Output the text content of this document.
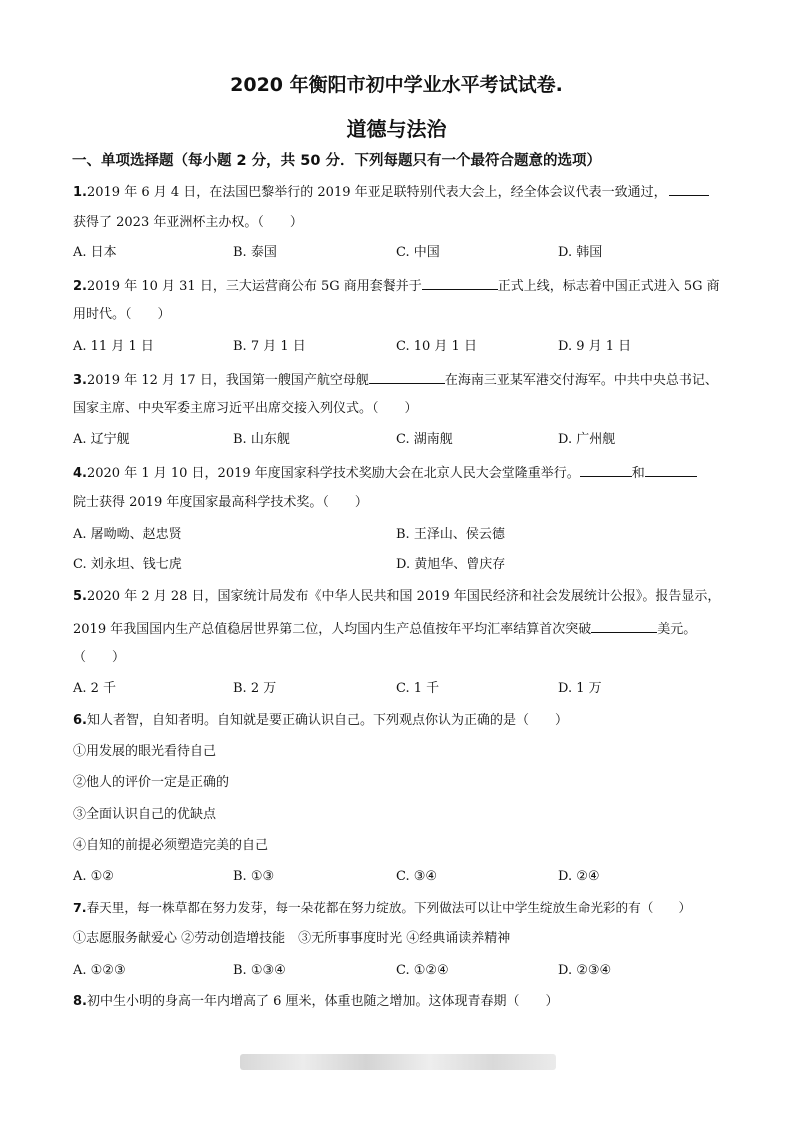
2020 年衡阳市初中学业水平考试试卷.
道德与法治
一、单项选择题（每小题 2 分，共 50 分．下列每题只有一个最符合题意的选项）
1.2019 年 6 月 4 日，在法国巴黎举行的 2019 年亚足联特别代表大会上，经全体会议代表一致通过，
获得了 2023 年亚洲杯主办权。（　　）
A. 日本	B. 泰国	C. 中国	D. 韩国
2.2019 年 10 月 31 日，三大运营商公布 5G 商用套餐并于	正式上线，标志着中国正式进入 5G 商
用时代。（　　）
A. 11 月 1 日	B. 7 月 1 日	C. 10 月 1 日	D. 9 月 1 日
3.2019 年 12 月 17 日，我国第一艘国产航空母舰	在海南三亚某军港交付海军。中共中央总书记、
国家主席、中央军委主席习近平出席交接入列仪式。（　　）
A. 辽宁舰	B. 山东舰	C. 湖南舰	D. 广州舰
4.2020 年 1 月 10 日，2019 年度国家科学技术奖励大会在北京人民大会堂隆重举行。	和
院士获得 2019 年度国家最高科学技术奖。（　　）
A. 屠呦呦、赵忠贤	B. 王泽山、侯云德
C. 刘永坦、钱七虎	D. 黄旭华、曾庆存
5.2020 年 2 月 28 日，国家统计局发布《中华人民共和国 2019 年国民经济和社会发展统计公报》。报告显示，
2019 年我国国内生产总值稳居世界第二位，人均国内生产总值按年平均汇率结算首次突破	美元。
（　　）
A. 2 千	B. 2 万	C. 1 千	D. 1 万
6.知人者智，自知者明。自知就是要正确认识自己。下列观点你认为正确的是（　　）
①用发展的眼光看待自己
②他人的评价一定是正确的
③全面认识自己的优缺点
④自知的前提必须塑造完美的自己
A. ①②	B. ①③	C. ③④	D. ②④
7.春天里，每一株草都在努力发芽，每一朵花都在努力绽放。下列做法可以让中学生绽放生命光彩的有（　　）
①志愿服务献爱心 ②劳动创造增技能　③无所事事度时光 ④经典诵读养精神
A. ①②③	B. ①③④	C. ①②④	D. ②③④
8.初中生小明的身高一年内增高了 6 厘米，体重也随之增加。这体现青春期（　　）
